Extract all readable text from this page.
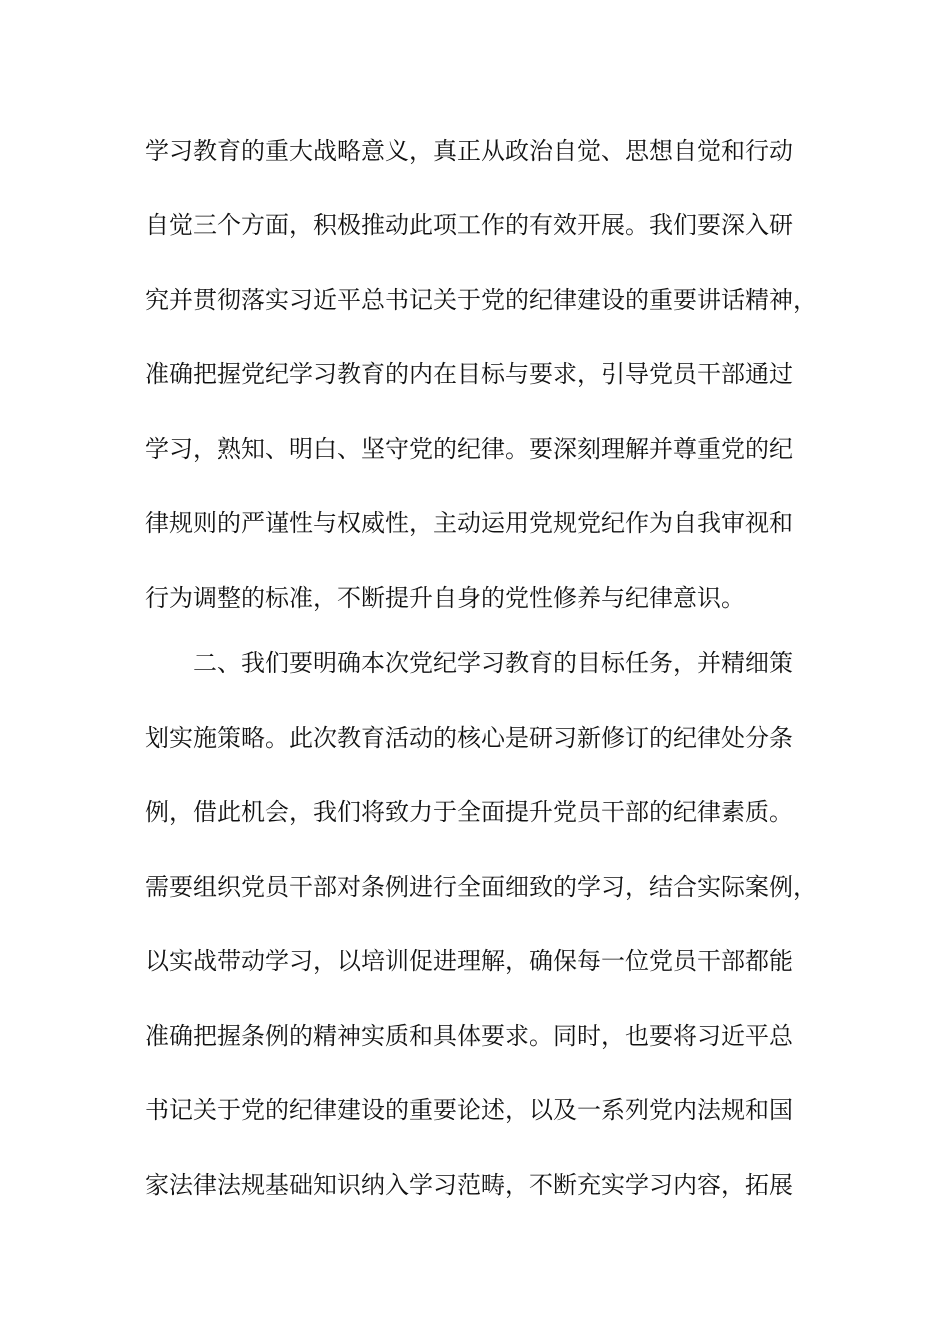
学习教育的重大战略意义，真正从政治自觉、思想自觉和行动
自觉三个方面，积极推动此项工作的有效开展。我们要深入研
究并贯彻落实习近平总书记关于党的纪律建设的重要讲话精神，
准确把握党纪学习教育的内在目标与要求，引导党员干部通过
学习，熟知、明白、坚守党的纪律。要深刻理解并尊重党的纪
律规则的严谨性与权威性，主动运用党规党纪作为自我审视和
行为调整的标准，不断提升自身的党性修养与纪律意识。
二、我们要明确本次党纪学习教育的目标任务，并精细策
划实施策略。此次教育活动的核心是研习新修订的纪律处分条
例，借此机会，我们将致力于全面提升党员干部的纪律素质。
需要组织党员干部对条例进行全面细致的学习，结合实际案例，
以实战带动学习，以培训促进理解，确保每一位党员干部都能
准确把握条例的精神实质和具体要求。同时，也要将习近平总
书记关于党的纪律建设的重要论述，以及一系列党内法规和国
家法律法规基础知识纳入学习范畴，不断充实学习内容，拓展
